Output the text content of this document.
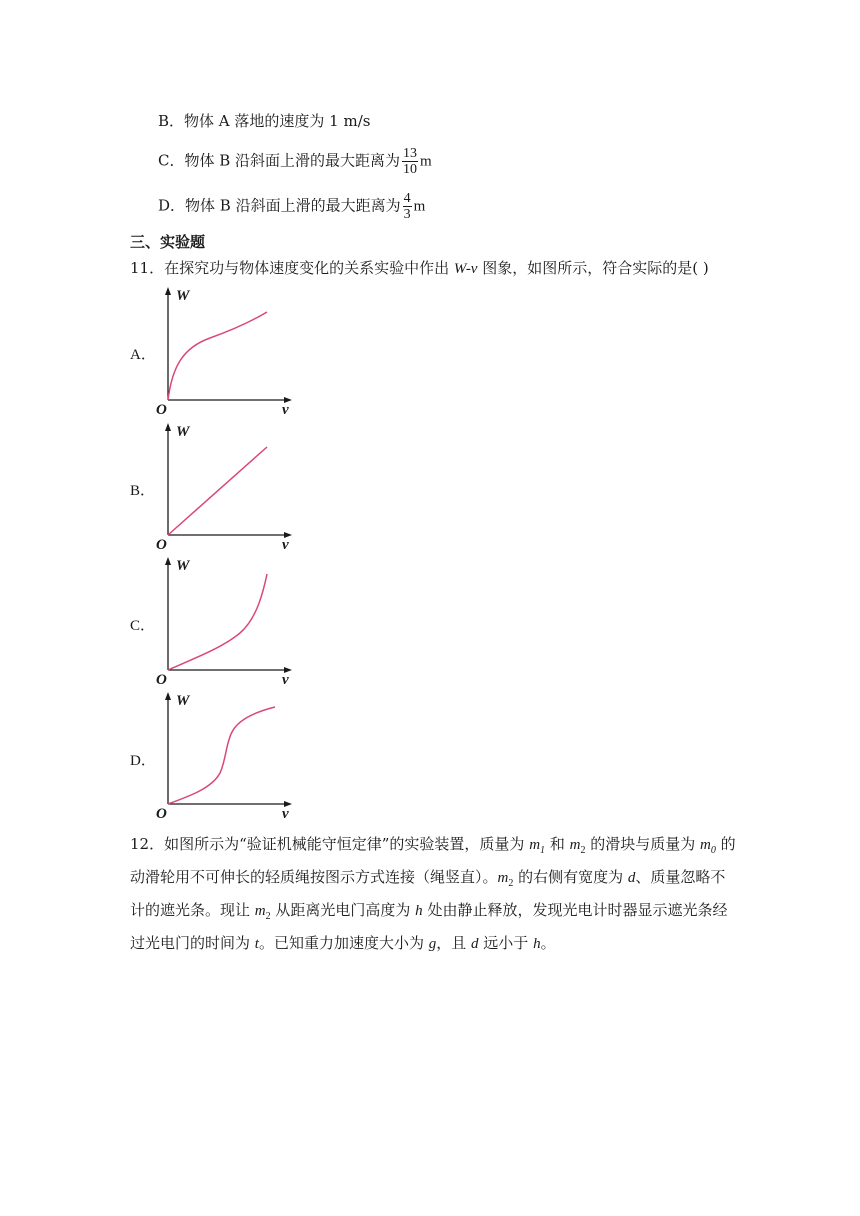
B．物体 A 落地的速度为 1 m/s
C．物体 B 沿斜面上滑的最大距离为 $\frac{13}{10}$ m
D．物体 B 沿斜面上滑的最大距离为 $\frac{4}{3}$ m
三、实验题
11．在探究功与物体速度变化的关系实验中作出 W-v 图象，如图所示，符合实际的是( )
A．
B．
C．
D．
W
v
O
W
v
O
W
v
O
W
v
O
12．如图所示为“验证机械能守恒定律”的实验装置，质量为 $m_1$ 和 $m_2$ 的滑块与质量为 $m_0$ 的
动滑轮用不可伸长的轻质绳按图示方式连接（绳竖直）。$m_2$ 的右侧有宽度为 d、质量忽略不
计的遮光条。现让 $m_2$ 从距离光电门高度为 h 处由静止释放，发现光电计时器显示遮光条经
过光电门的时间为 t。已知重力加速度大小为 g，且 d 远小于 h。
